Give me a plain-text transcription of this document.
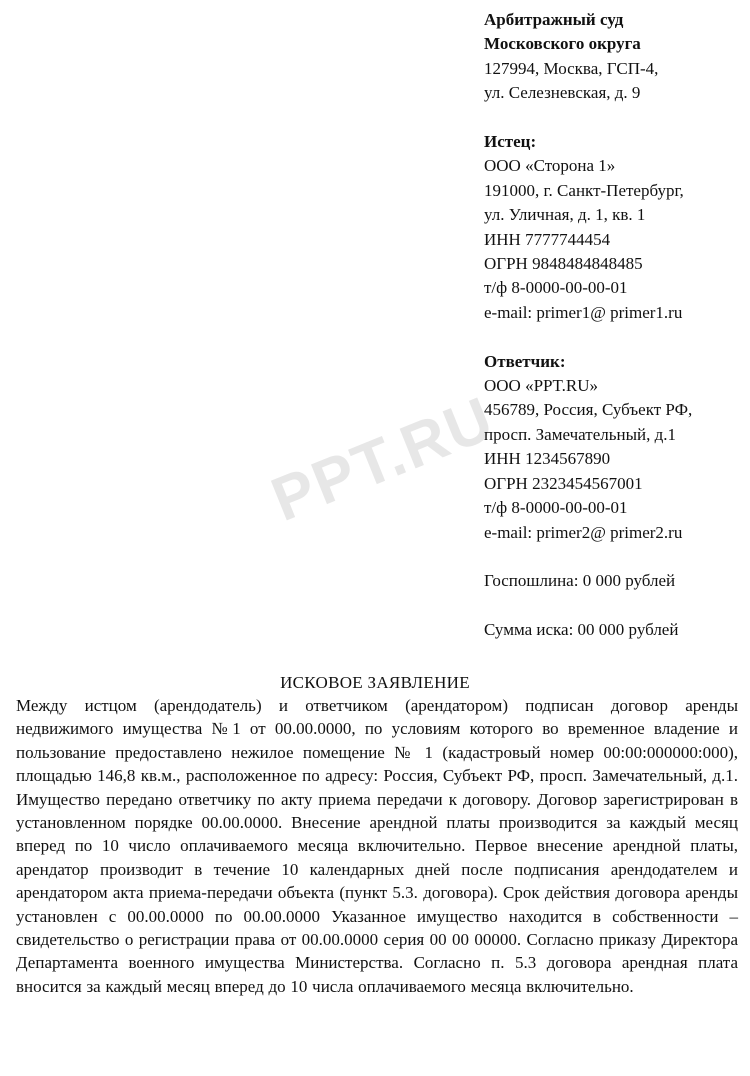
PPT.RU
Арбитражный суд
Московского округа
127994, Москва, ГСП-4,
ул. Селезневская, д. 9
Истец:
ООО «Сторона 1»
191000, г. Санкт-Петербург,
ул. Уличная, д. 1, кв. 1
ИНН 7777744454
ОГРН 9848484848485
т/ф 8-0000-00-00-01
e-mail: primer1@ primer1.ru
Ответчик:
ООО «PPT.RU»
456789, Россия, Субъект РФ,
просп. Замечательный, д.1
ИНН 1234567890
ОГРН 2323454567001
т/ф 8-0000-00-00-01
e-mail: primer2@ primer2.ru
Госпошлина: 0 000 рублей
Сумма иска: 00 000 рублей
ИСКОВОЕ ЗАЯВЛЕНИЕ

Между истцом (арендодатель) и ответчиком (арендатором) подписан договор аренды недвижимого имущества №1 от 00.00.0000, по условиям которого во временное владение и пользование предоставлено нежилое помещение № 1 (кадастровый номер 00:00:000000:000), площадью 146,8 кв.м., расположенное по адресу: Россия, Субъект РФ, просп. Замечательный, д.1. Имущество передано ответчику по акту приема передачи к договору. Договор зарегистрирован в установленном порядке 00.00.0000. Внесение арендной платы производится за каждый месяц вперед по 10 число оплачиваемого месяца включительно. Первое внесение арендной платы, арендатор производит в течение 10 календарных дней после подписания арендодателем и арендатором акта приема-передачи объекта (пункт 5.3. договора). Срок действия договора аренды установлен с 00.00.0000 по 00.00.0000 Указанное имущество находится в собственности – свидетельство о регистрации права от 00.00.0000 серия 00 00 00000. Согласно приказу Директора Департамента военного имущества Министерства. Согласно п. 5.3 договора арендная плата вносится за каждый месяц вперед до 10 числа оплачиваемого месяца включительно.
